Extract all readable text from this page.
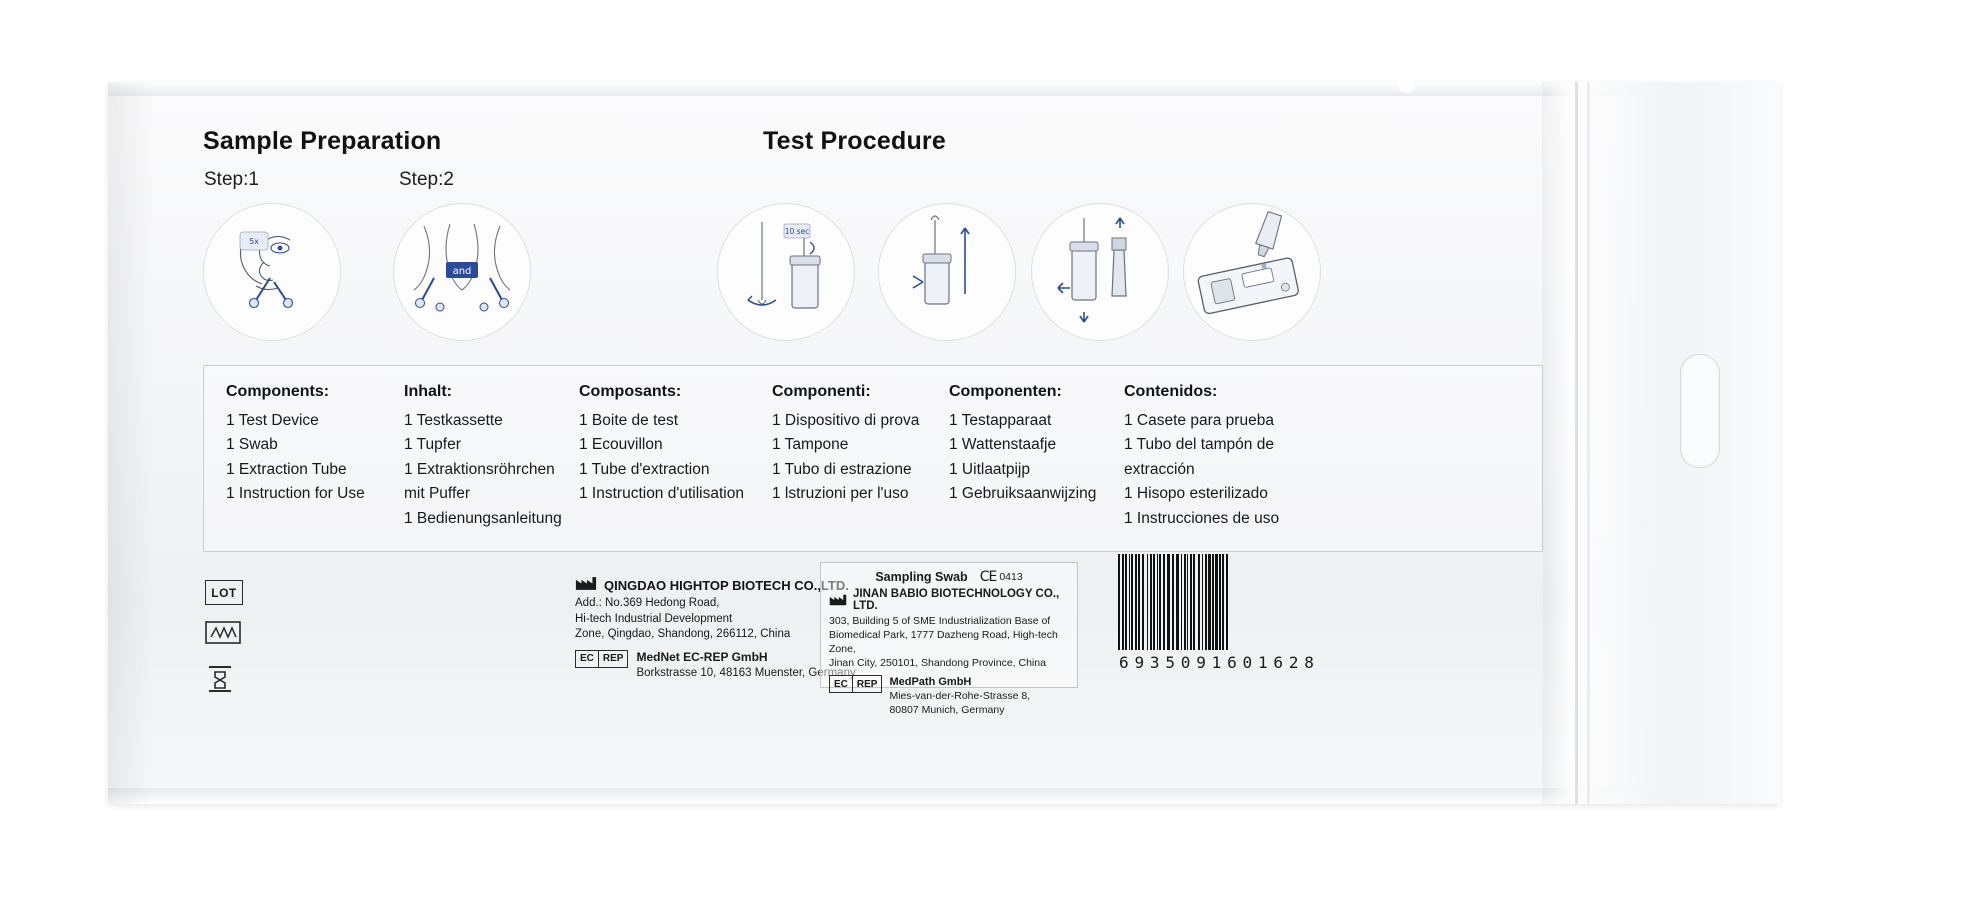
Sample Preparation	Test Procedure
Step:1	Step:2
5x
and
10 sec
Components:
1 Test Device
1 Swab
1 Extraction Tube
1 Instruction for Use
Inhalt:
1 Testkassette
1 Tupfer
1 Extraktionsröhrchen
mit Puffer
1 Bedienungsanleitung
Composants:
1 Boite de test
1 Ecouvillon
1 Tube d'extraction
1 Instruction d'utilisation
Componenti:
1 Dispositivo di prova
1 Tampone
1 Tubo di estrazione
1 lstruzioni per l'uso
Componenten:
1 Testapparaat
1 Wattenstaafje
1 Uitlaatpijp
1 Gebruiksaanwijzing
Contenidos:
1 Casete para prueba
1 Tubo del tampón de
extracción
1 Hisopo esterilizado
1 Instrucciones de uso
LOT	QINGDAO HIGHTOP BIOTECH CO.,LTD.
Add.: No.369 Hedong Road,
Hi-tech Industrial Development
Zone, Qingdao, Shandong, 266112, China
EC REP	MedNet EC-REP GmbH
Borkstrasse 10, 48163 Muenster, Germany
Sampling Swab CE 0413
JINAN BABIO BIOTECHNOLOGY CO., LTD.
303, Building 5 of SME Industrialization Base of
Biomedical Park, 1777 Dazheng Road, High-tech Zone,
Jinan City, 250101, Shandong Province, China
EC REP	MedPath GmbH
Mies-van-der-Rohe-Strasse 8,
80807 Munich, Germany
6 9 3 5 0 9 1 6 0 1 6 2 8
